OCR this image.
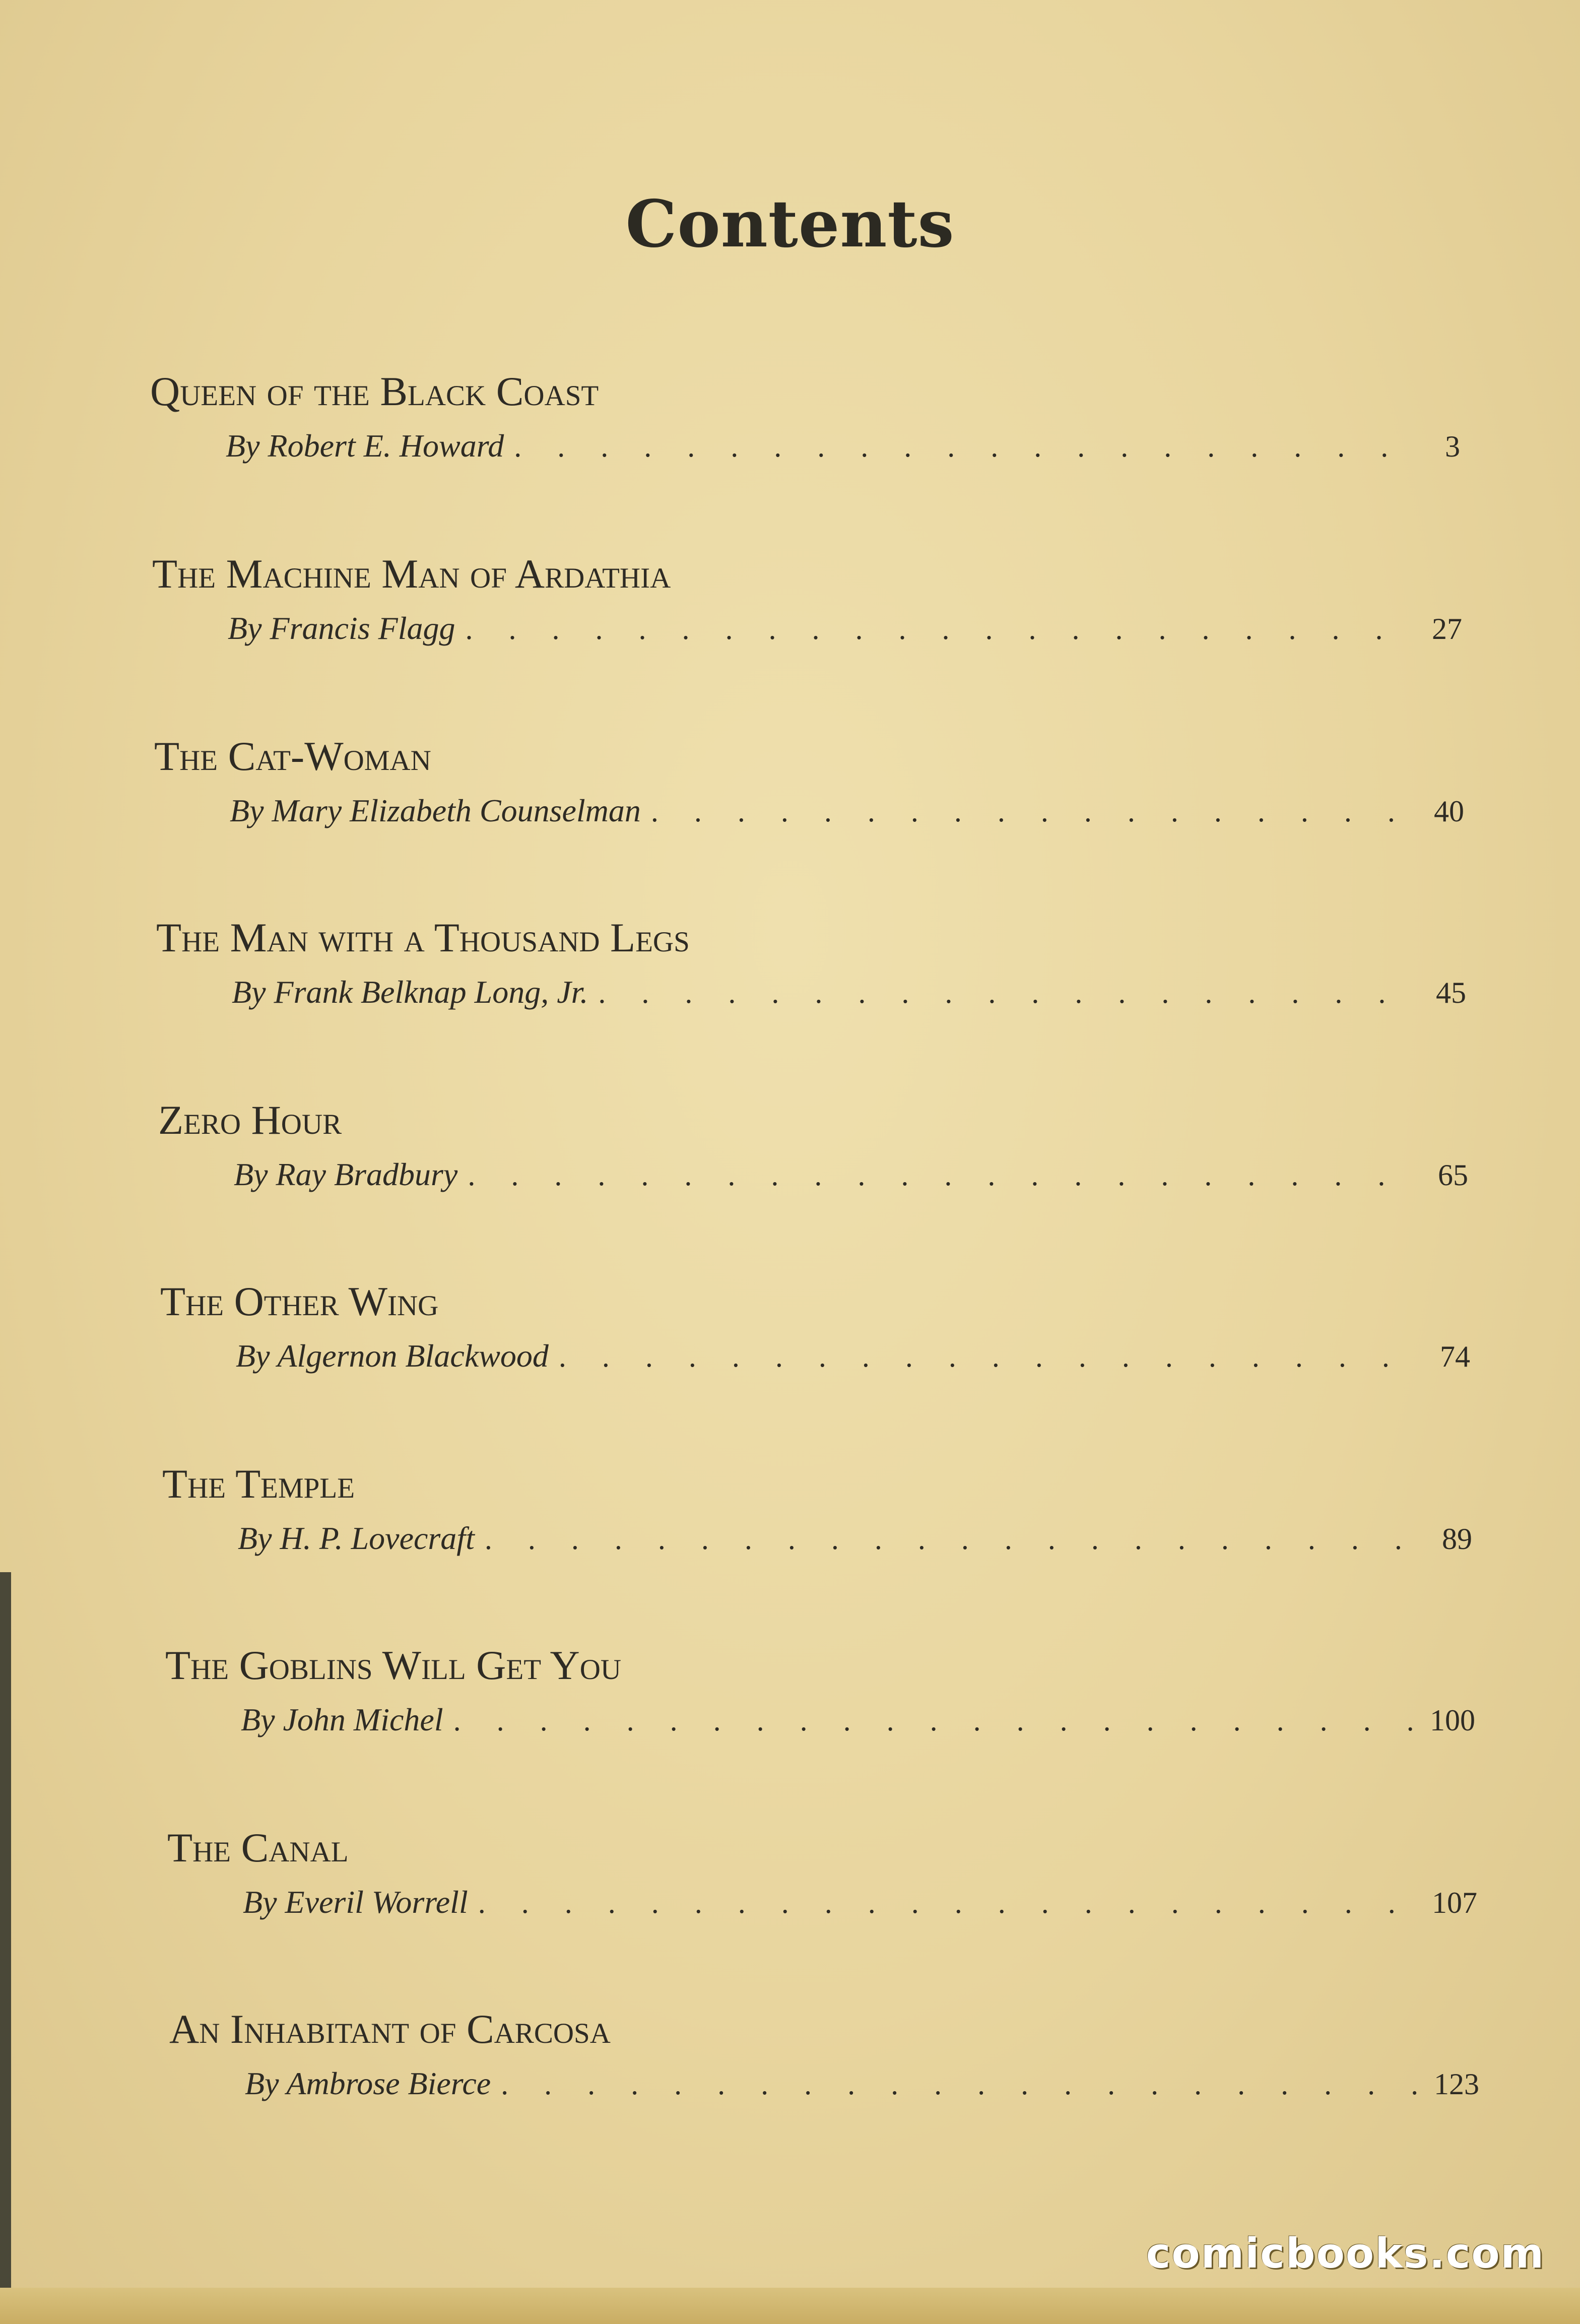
Contents
Queen of the Black Coast
By Robert E. Howard . . .	3
The Machine Man of Ardathia
By Francis Flagg . . .	27
The Cat-Woman
By Mary Elizabeth Counselman . . .	40
The Man with a Thousand Legs
By Frank Belknap Long, Jr. . . .	45
Zero Hour
By Ray Bradbury . . .	65
The Other Wing
By Algernon Blackwood . . .	74
The Temple
By H. P. Lovecraft . . .	89
The Goblins Will Get You
By John Michel . . .	100
The Canal
By Everil Worrell . . .	107
An Inhabitant of Carcosa
By Ambrose Bierce . . .	123
comicbooks.com
